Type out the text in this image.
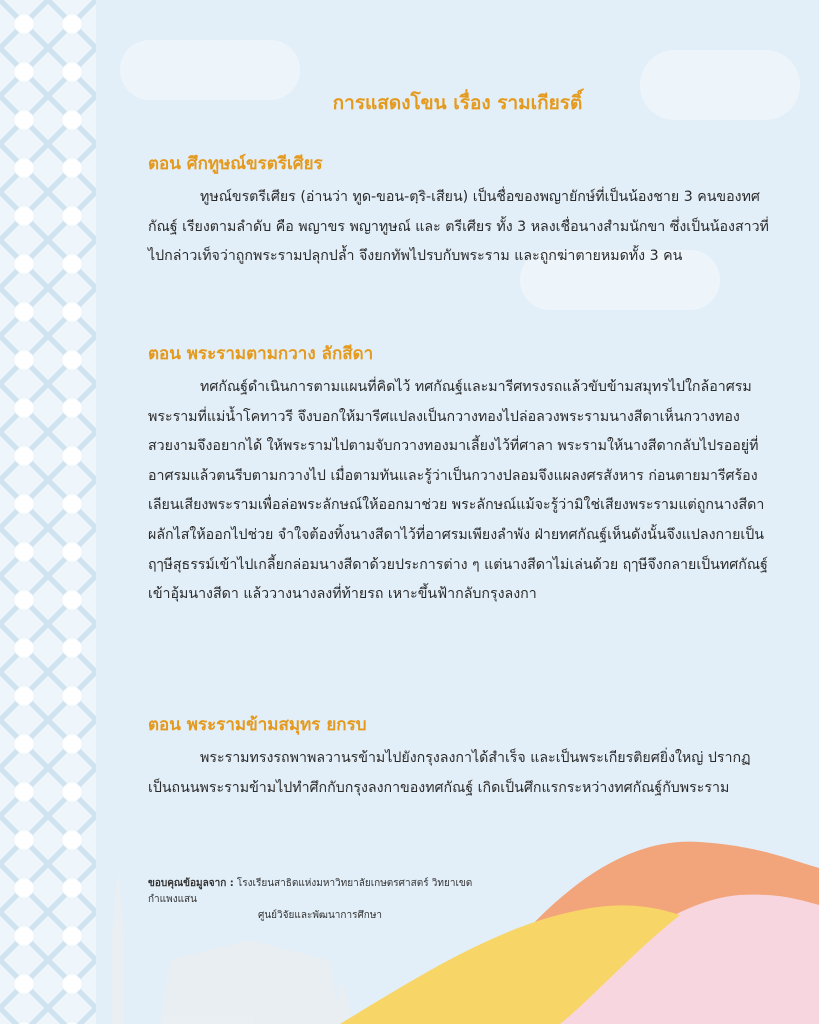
การแสดงโขน เรื่อง รามเกียรติ์
ตอน ศึกทูษณ์ขรตรีเศียร

ทูษณ์ขรตรีเศียร (อ่านว่า ทูด-ขอน-ตฺริ-เสียน) เป็นชื่อของพญายักษ์ที่เป็นน้องชาย 3 คนของทศกัณฐ์ เรียงตามลำดับ คือ พญาขร พญาทูษณ์ และ ตรีเศียร ทั้ง 3 หลงเชื่อนางสำมนักขา ซึ่งเป็นน้องสาวที่ไปกล่าวเท็จว่าถูกพระรามปลุกปล้ำ จึงยกทัพไปรบกับพระราม และถูกฆ่าตายหมดทั้ง 3 คน

ตอน พระรามตามกวาง ลักสีดา

ทศกัณฐ์ดำเนินการตามแผนที่คิดไว้ ทศกัณฐ์และมารีศทรงรถแล้วขับข้ามสมุทรไปใกล้อาศรมพระรามที่แม่น้ำโคทาวรี จึงบอกให้มารีศแปลงเป็นกวางทองไปล่อลวงพระรามนางสีดาเห็นกวางทองสวยงามจึงอยากได้ ให้พระรามไปตามจับกวางทองมาเลี้ยงไว้ที่ศาลา พระรามให้นางสีดากลับไปรออยู่ที่อาศรมแล้วตนรีบตามกวางไป เมื่อตามทันและรู้ว่าเป็นกวางปลอมจึงแผลงศรสังหาร ก่อนตายมารีศร้องเลียนเสียงพระรามเพื่อล่อพระลักษณ์ให้ออกมาช่วย พระลักษณ์แม้จะรู้ว่ามิใช่เสียงพระรามแต่ถูกนางสีดาผลักไสให้ออกไปช่วย จำใจต้องทิ้งนางสีดาไว้ที่อาศรมเพียงลำพัง ฝ่ายทศกัณฐ์เห็นดังนั้นจึงแปลงกายเป็นฤๅษีสุธรรม์เข้าไปเกลี้ยกล่อมนางสีดาด้วยประการต่าง ๆ แต่นางสีดาไม่เล่นด้วย ฤๅษีจึงกลายเป็นทศกัณฐ์เข้าอุ้มนางสีดา แล้ววางนางลงที่ท้ายรถ เหาะขึ้นฟ้ากลับกรุงลงกา

ตอน พระรามข้ามสมุทร ยกรบ

พระรามทรงรถพาพลวานรข้ามไปยังกรุงลงกาได้สำเร็จ และเป็นพระเกียรติยศยิ่งใหญ่ ปรากฏเป็นถนนพระรามข้ามไปทำศึกกับกรุงลงกาของทศกัณฐ์ เกิดเป็นศึกแรกระหว่างทศกัณฐ์กับพระราม

ขอบคุณข้อมูลจาก : โรงเรียนสาธิตแห่งมหาวิทยาลัยเกษตรศาสตร์ วิทยาเขตกำแพงแสน
ศูนย์วิจัยและพัฒนาการศึกษา
